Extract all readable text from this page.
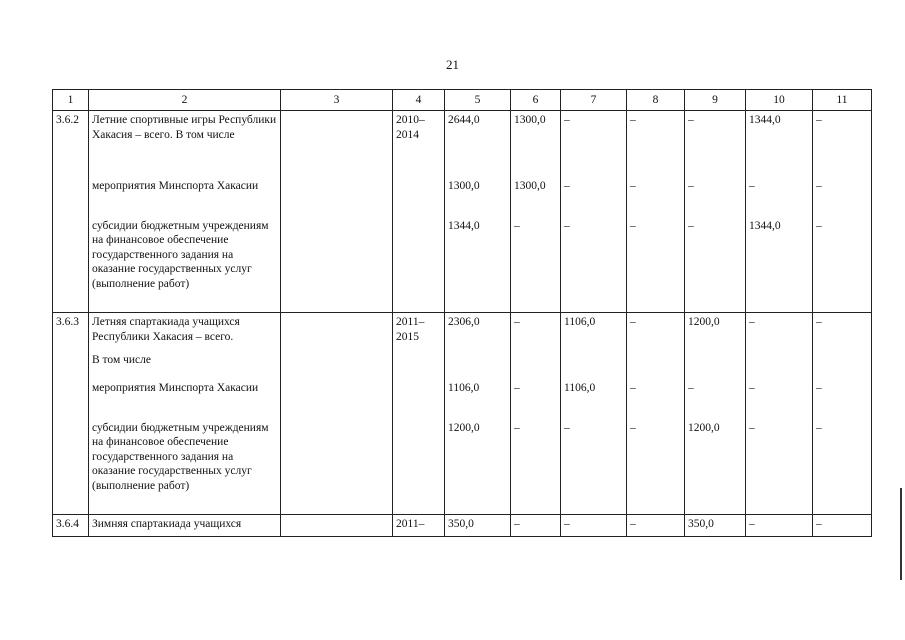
21
1	2	3	4	5	6	7	8	9	10	11
3.6.2	Летние спортивные игры Республики Хакасия – всего. В том числе		2010–2014	2644,0	1300,0	–	–	–	1344,0	–
	мероприятия Минспорта Хакасии			1300,0	1300,0	–	–	–	–	–
	субсидии бюджетным учреждениям на финансовое обеспечение государственного задания на оказание государственных услуг (выполнение работ)			1344,0	–	–	–	–	1344,0	–
3.6.3	Летняя спартакиада учащихся Республики Хакасия – всего.		2011–2015	2306,0	–	1106,0	–	1200,0	–	–
	В том числе									
	мероприятия Минспорта Хакасии			1106,0	–	1106,0	–	–	–	–
	субсидии бюджетным учреждениям на финансовое обеспечение государственного задания на оказание государственных услуг (выполнение работ)			1200,0	–	–	–	1200,0	–	–
3.6.4	Зимняя спартакиада учащихся		2011–	350,0	–	–	–	350,0	–	–
